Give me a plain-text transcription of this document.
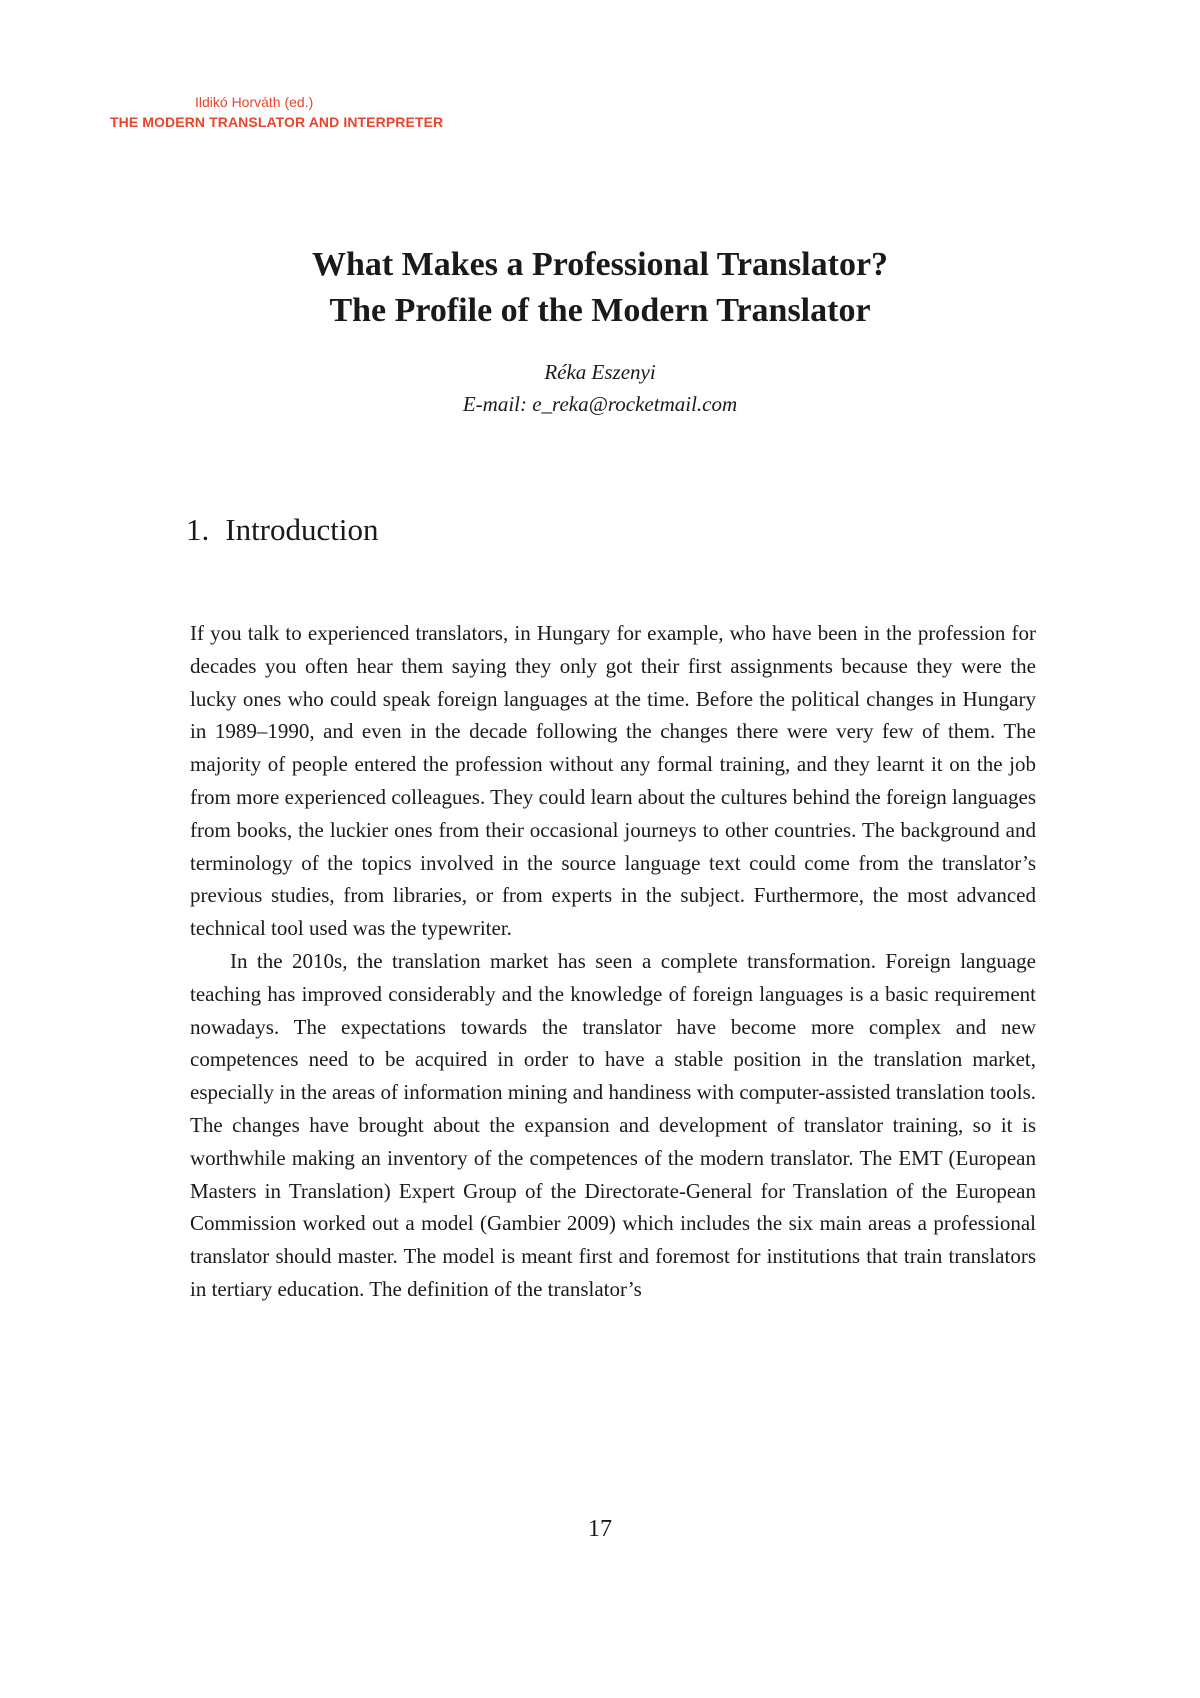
Ildikó Horváth (ed.)
THE MODERN TRANSLATOR AND INTERPRETER
What Makes a Professional Translator?
The Profile of the Modern Translator
Réka Eszenyi
E-mail: e_reka@rocketmail.com
1. Introduction

If you talk to experienced translators, in Hungary for example, who have been in the profession for decades you often hear them saying they only got their first assignments because they were the lucky ones who could speak foreign languages at the time. Before the political changes in Hungary in 1989–1990, and even in the decade following the changes there were very few of them. The majority of people entered the profession without any formal training, and they learnt it on the job from more experienced colleagues. They could learn about the cultures behind the foreign languages from books, the luckier ones from their occasional journeys to other countries. The background and terminology of the topics involved in the source language text could come from the translator’s previous studies, from libraries, or from experts in the subject. Furthermore, the most advanced technical tool used was the typewriter.

In the 2010s, the translation market has seen a complete transformation. Foreign language teaching has improved considerably and the knowledge of foreign languages is a basic requirement nowadays. The expectations towards the translator have become more complex and new competences need to be acquired in order to have a stable position in the translation market, especially in the areas of information mining and handiness with computer-assisted translation tools. The changes have brought about the expansion and development of translator training, so it is worthwhile making an inventory of the competences of the modern translator. The EMT (European Masters in Translation) Expert Group of the Directorate-General for Translation of the European Commission worked out a model (Gambier 2009) which includes the six main areas a professional translator should master. The model is meant first and foremost for institutions that train translators in tertiary education. The definition of the translator’s

17
